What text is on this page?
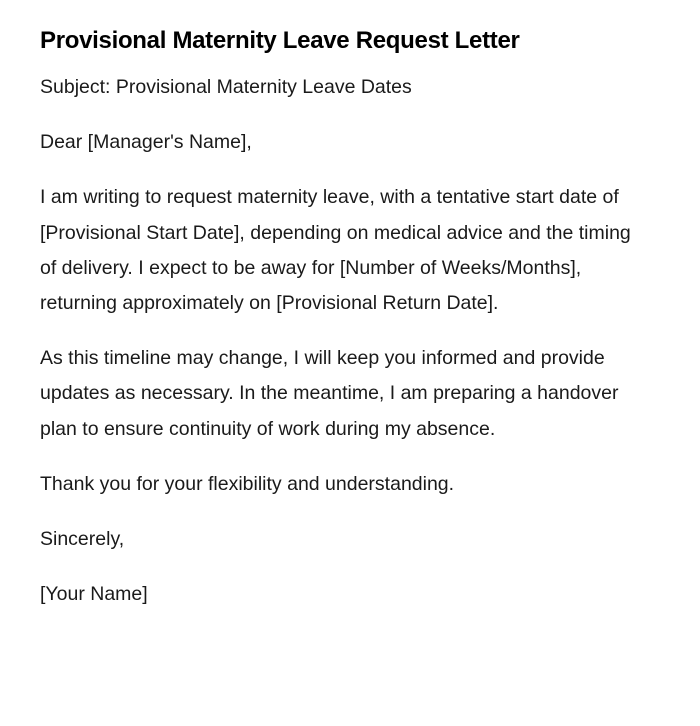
Provisional Maternity Leave Request Letter

Subject: Provisional Maternity Leave Dates

Dear [Manager's Name],

I am writing to request maternity leave, with a tentative start date of [Provisional Start Date], depending on medical advice and the timing of delivery. I expect to be away for [Number of Weeks/Months], returning approximately on [Provisional Return Date].

As this timeline may change, I will keep you informed and provide updates as necessary. In the meantime, I am preparing a handover plan to ensure continuity of work during my absence.

Thank you for your flexibility and understanding.

Sincerely,

[Your Name]
